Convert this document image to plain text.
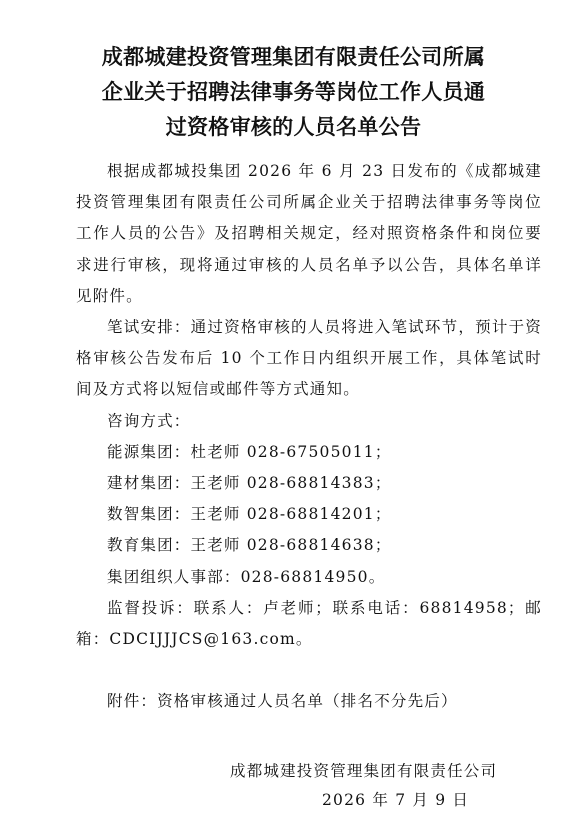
成都城建投资管理集团有限责任公司所属
企业关于招聘法律事务等岗位工作人员通
过资格审核的人员名单公告

根据成都城投集团 2026 年 6 月 23 日发布的《成都城建投资管理集团有限责任公司所属企业关于招聘法律事务等岗位工作人员的公告》及招聘相关规定，经对照资格条件和岗位要求进行审核，现将通过审核的人员名单予以公告，具体名单详见附件。

笔试安排：通过资格审核的人员将进入笔试环节，预计于资格审核公告发布后 10 个工作日内组织开展工作，具体笔试时间及方式将以短信或邮件等方式通知。

咨询方式：
能源集团：杜老师 028-67505011；
建材集团：王老师 028-68814383；
数智集团：王老师 028-68814201；
教育集团：王老师 028-68814638；
集团组织人事部：028-68814950。

监督投诉：联系人：卢老师；联系电话：68814958；邮箱：CDCIJJJCS@163.com。

附件：资格审核通过人员名单（排名不分先后）
成都城建投资管理集团有限责任公司
2026 年 7 月 9 日
